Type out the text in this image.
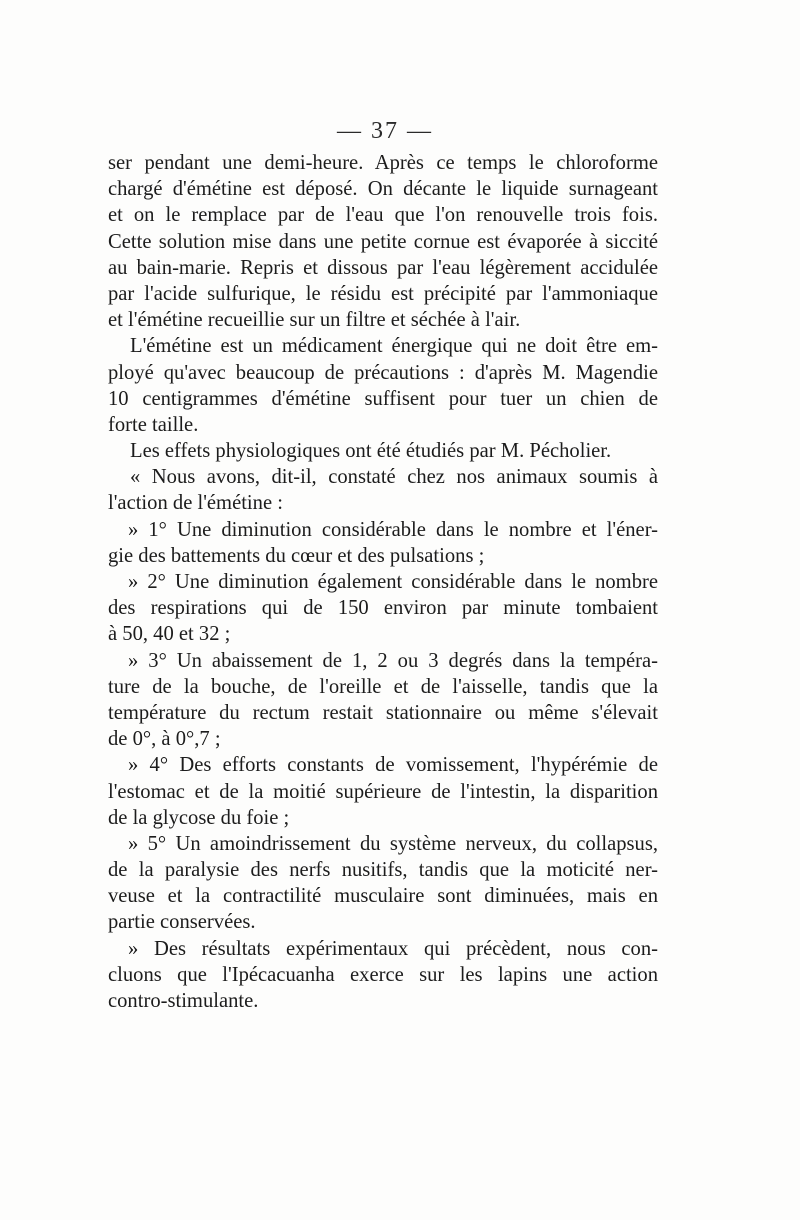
— 37 —
ser pendant une demi-heure. Après ce temps le chloroforme
chargé d'émétine est déposé. On décante le liquide surnageant
et on le remplace par de l'eau que l'on renouvelle trois fois.
Cette solution mise dans une petite cornue est évaporée à siccité
au bain-marie. Repris et dissous par l'eau légèrement accidulée
par l'acide sulfurique, le résidu est précipité par l'ammoniaque
et l'émétine recueillie sur un filtre et séchée à l'air.
L'émétine est un médicament énergique qui ne doit être em-
ployé qu'avec beaucoup de précautions : d'après M. Magendie
10 centigrammes d'émétine suffisent pour tuer un chien de
forte taille.
Les effets physiologiques ont été étudiés par M. Pécholier.
« Nous avons, dit-il, constaté chez nos animaux soumis à
l'action de l'émétine :
» 1° Une diminution considérable dans le nombre et l'éner-
gie des battements du cœur et des pulsations ;
» 2° Une diminution également considérable dans le nombre
des respirations qui de 150 environ par minute tombaient
à 50, 40 et 32 ;
» 3° Un abaissement de 1, 2 ou 3 degrés dans la tempéra-
ture de la bouche, de l'oreille et de l'aisselle, tandis que la
température du rectum restait stationnaire ou même s'élevait
de 0°, à 0°,7 ;
» 4° Des efforts constants de vomissement, l'hypérémie de
l'estomac et de la moitié supérieure de l'intestin, la disparition
de la glycose du foie ;
» 5° Un amoindrissement du système nerveux, du collapsus,
de la paralysie des nerfs nusitifs, tandis que la moticité ner-
veuse et la contractilité musculaire sont diminuées, mais en
partie conservées.
» Des résultats expérimentaux qui précèdent, nous con-
cluons que l'Ipécacuanha exerce sur les lapins une action
contro-stimulante.
